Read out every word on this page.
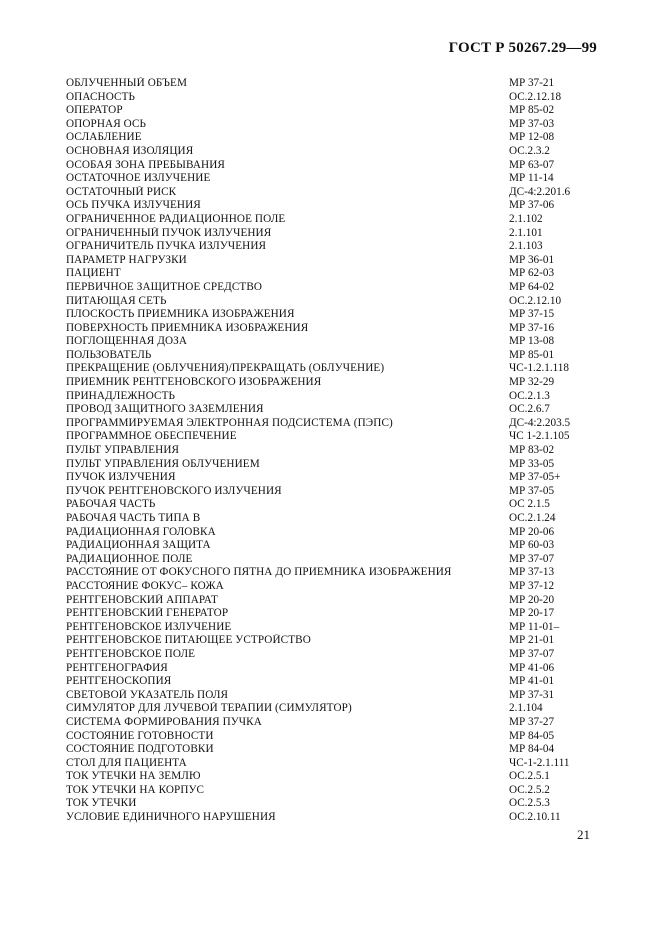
ГОСТ Р 50267.29—99
ОБЛУЧЕННЫЙ ОБЪЕМ	МР 37-21
ОПАСНОСТЬ	ОС.2.12.18
ОПЕРАТОР	МР 85-02
ОПОРНАЯ ОСЬ	МР 37-03
ОСЛАБЛЕНИЕ	МР 12-08
ОСНОВНАЯ ИЗОЛЯЦИЯ	ОС.2.3.2
ОСОБАЯ ЗОНА ПРЕБЫВАНИЯ	МР 63-07
ОСТАТОЧНОЕ ИЗЛУЧЕНИЕ	МР 11-14
ОСТАТОЧНЫЙ РИСК	ДС-4:2.201.6
ОСЬ ПУЧКА ИЗЛУЧЕНИЯ	МР 37-06
ОГРАНИЧЕННОЕ РАДИАЦИОННОЕ ПОЛЕ	2.1.102
ОГРАНИЧЕННЫЙ ПУЧОК ИЗЛУЧЕНИЯ	2.1.101
ОГРАНИЧИТЕЛЬ ПУЧКА ИЗЛУЧЕНИЯ	2.1.103
ПАРАМЕТР НАГРУЗКИ	МР 36-01
ПАЦИЕНТ	МР 62-03
ПЕРВИЧНОЕ ЗАЩИТНОЕ СРЕДСТВО	МР 64-02
ПИТАЮЩАЯ СЕТЬ	ОС.2.12.10
ПЛОСКОСТЬ ПРИЕМНИКА ИЗОБРАЖЕНИЯ	МР 37-15
ПОВЕРХНОСТЬ ПРИЕМНИКА ИЗОБРАЖЕНИЯ	МР 37-16
ПОГЛОЩЕННАЯ ДОЗА	МР 13-08
ПОЛЬЗОВАТЕЛЬ	МР 85-01
ПРЕКРАЩЕНИЕ (ОБЛУЧЕНИЯ)/ПРЕКРАЩАТЬ (ОБЛУЧЕНИЕ)	ЧС-1.2.1.118
ПРИЕМНИК РЕНТГЕНОВСКОГО ИЗОБРАЖЕНИЯ	МР 32-29
ПРИНАДЛЕЖНОСТЬ	ОС.2.1.3
ПРОВОД ЗАЩИТНОГО ЗАЗЕМЛЕНИЯ	ОС.2.6.7
ПРОГРАММИРУЕМАЯ ЭЛЕКТРОННАЯ ПОДСИСТЕМА (ПЭПС)	ДС-4:2.203.5
ПРОГРАММНОЕ ОБЕСПЕЧЕНИЕ	ЧС 1-2.1.105
ПУЛЬТ УПРАВЛЕНИЯ	МР 83-02
ПУЛЬТ УПРАВЛЕНИЯ ОБЛУЧЕНИЕМ	МР 33-05
ПУЧОК ИЗЛУЧЕНИЯ	МР 37-05+
ПУЧОК РЕНТГЕНОВСКОГО ИЗЛУЧЕНИЯ	МР 37-05
РАБОЧАЯ ЧАСТЬ	ОС 2.1.5
РАБОЧАЯ ЧАСТЬ ТИПА В	ОС.2.1.24
РАДИАЦИОННАЯ ГОЛОВКА	МР 20-06
РАДИАЦИОННАЯ ЗАЩИТА	МР 60-03
РАДИАЦИОННОЕ ПОЛЕ	МР 37-07
РАССТОЯНИЕ ОТ ФОКУСНОГО ПЯТНА ДО ПРИЕМНИКА ИЗОБРАЖЕНИЯ	МР 37-13
РАССТОЯНИЕ ФОКУС– КОЖА	МР 37-12
РЕНТГЕНОВСКИЙ АППАРАТ	МР 20-20
РЕНТГЕНОВСКИЙ ГЕНЕРАТОР	МР 20-17
РЕНТГЕНОВСКОЕ ИЗЛУЧЕНИЕ	МР 11-01–
РЕНТГЕНОВСКОЕ ПИТАЮЩЕЕ УСТРОЙСТВО	МР 21-01
РЕНТГЕНОВСКОЕ ПОЛЕ	МР 37-07
РЕНТГЕНОГРАФИЯ	МР 41-06
РЕНТГЕНОСКОПИЯ	МР 41-01
СВЕТОВОЙ УКАЗАТЕЛЬ ПОЛЯ	МР 37-31
СИМУЛЯТОР ДЛЯ ЛУЧЕВОЙ ТЕРАПИИ (СИМУЛЯТОР)	2.1.104
СИСТЕМА ФОРМИРОВАНИЯ ПУЧКА	МР 37-27
СОСТОЯНИЕ ГОТОВНОСТИ	МР 84-05
СОСТОЯНИЕ ПОДГОТОВКИ	МР 84-04
СТОЛ ДЛЯ ПАЦИЕНТА	ЧС-1-2.1.111
ТОК УТЕЧКИ НА ЗЕМЛЮ	ОС.2.5.1
ТОК УТЕЧКИ НА КОРПУС	ОС.2.5.2
ТОК УТЕЧКИ	ОС.2.5.3
УСЛОВИЕ ЕДИНИЧНОГО НАРУШЕНИЯ	ОС.2.10.11
21
